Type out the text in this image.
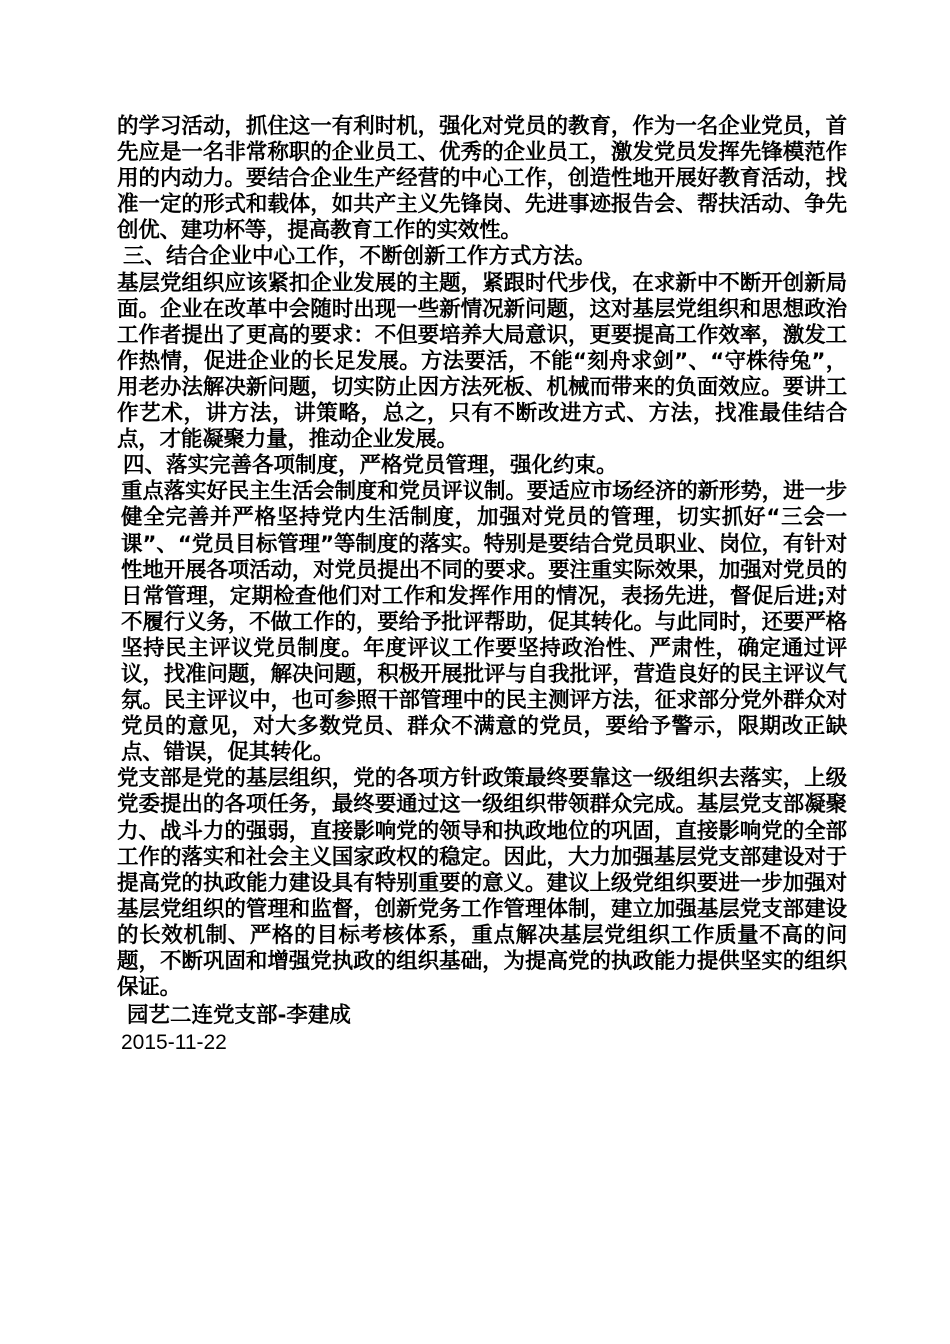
的学习活动，抓住这一有利时机，强化对党员的教育，作为一名企业党员，首先应是一名非常称职的企业员工、优秀的企业员工，激发党员发挥先锋模范作用的内动力。要结合企业生产经营的中心工作，创造性地开展好教育活动，找准一定的形式和载体，如共产主义先锋岗、先进事迹报告会、帮扶活动、争先创优、建功杯等，提高教育工作的实效性。

三、结合企业中心工作，不断创新工作方式方法。

基层党组织应该紧扣企业发展的主题，紧跟时代步伐，在求新中不断开创新局面。企业在改革中会随时出现一些新情况新问题，这对基层党组织和思想政治工作者提出了更高的要求：不但要培养大局意识，更要提高工作效率，激发工作热情，促进企业的长足发展。方法要活，不能“刻舟求剑”、“守株待兔”，用老办法解决新问题，切实防止因方法死板、机械而带来的负面效应。要讲工作艺术，讲方法，讲策略，总之，只有不断改进方式、方法，找准最佳结合点，才能凝聚力量，推动企业发展。

四、落实完善各项制度，严格党员管理，强化约束。

重点落实好民主生活会制度和党员评议制。要适应市场经济的新形势，进一步健全完善并严格坚持党内生活制度，加强对党员的管理，切实抓好“三会一课”、“党员目标管理”等制度的落实。特别是要结合党员职业、岗位，有针对性地开展各项活动，对党员提出不同的要求。要注重实际效果，加强对党员的日常管理，定期检查他们对工作和发挥作用的情况，表扬先进，督促后进;对不履行义务，不做工作的，要给予批评帮助，促其转化。与此同时，还要严格坚持民主评议党员制度。年度评议工作要坚持政治性、严肃性，确定通过评议，找准问题，解决问题，积极开展批评与自我批评，营造良好的民主评议气氛。民主评议中，也可参照干部管理中的民主测评方法，征求部分党外群众对党员的意见，对大多数党员、群众不满意的党员，要给予警示，限期改正缺点、错误，促其转化。

党支部是党的基层组织，党的各项方针政策最终要靠这一级组织去落实，上级党委提出的各项任务，最终要通过这一级组织带领群众完成。基层党支部凝聚力、战斗力的强弱，直接影响党的领导和执政地位的巩固，直接影响党的全部工作的落实和社会主义国家政权的稳定。因此，大力加强基层党支部建设对于提高党的执政能力建设具有特别重要的意义。建议上级党组织要进一步加强对基层党组织的管理和监督，创新党务工作管理体制，建立加强基层党支部建设的长效机制、严格的目标考核体系，重点解决基层党组织工作质量不高的问题，不断巩固和增强党执政的组织基础，为提高党的执政能力提供坚实的组织保证。

园艺二连党支部-李建成

2015-11-22
